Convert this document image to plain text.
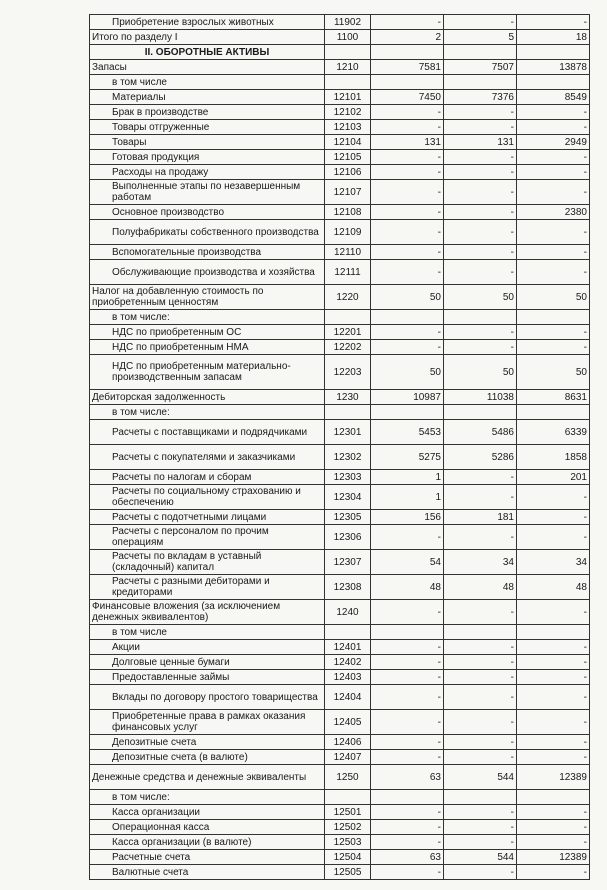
Приобретение взрослых животных	11902	-	-	-
Итого по разделу I	1100	2	5	18
II. ОБОРОТНЫЕ АКТИВЫ				
Запасы	1210	7581	7507	13878
в том числе				
Материалы	12101	7450	7376	8549
Брак в производстве	12102	-	-	-
Товары отгруженные	12103	-	-	-
Товары	12104	131	131	2949
Готовая продукция	12105	-	-	-
Расходы на продажу	12106	-	-	-
Выполненные этапы по незавершенным работам	12107	-	-	-
Основное производство	12108	-	-	2380
Полуфабрикаты собственного производства	12109	-	-	-
Вспомогательные производства	12110	-	-	-
Обслуживающие производства и хозяйства	12111	-	-	-
Налог на добавленную стоимость по приобретенным ценностям	1220	50	50	50
в том числе:				
НДС по приобретенным ОС	12201	-	-	-
НДС по приобретенным НМА	12202	-	-	-
НДС по приобретенным материально-производственным запасам	12203	50	50	50
Дебиторская задолженность	1230	10987	11038	8631
в том числе:				
Расчеты с поставщиками и подрядчиками	12301	5453	5486	6339
Расчеты с покупателями и заказчиками	12302	5275	5286	1858
Расчеты по налогам и сборам	12303	1	-	201
Расчеты по социальному страхованию и обеспечению	12304	1	-	-
Расчеты с подотчетными лицами	12305	156	181	-
Расчеты с персоналом по прочим операциям	12306	-	-	-
Расчеты по вкладам в уставный (складочный) капитал	12307	54	34	34
Расчеты с разными дебиторами и кредиторами	12308	48	48	48
Финансовые вложения (за исключением денежных эквивалентов)	1240	-	-	-
в том числе				
Акции	12401	-	-	-
Долговые ценные бумаги	12402	-	-	-
Предоставленные займы	12403	-	-	-
Вклады по договору простого товарищества	12404	-	-	-
Приобретенные права в рамках оказания финансовых услуг	12405	-	-	-
Депозитные счета	12406	-	-	-
Депозитные счета (в валюте)	12407	-	-	-
Денежные средства и денежные эквиваленты	1250	63	544	12389
в том числе:				
Касса организации	12501	-	-	-
Операционная касса	12502	-	-	-
Касса организации (в валюте)	12503	-	-	-
Расчетные счета	12504	63	544	12389
Валютные счета	12505	-	-	-
